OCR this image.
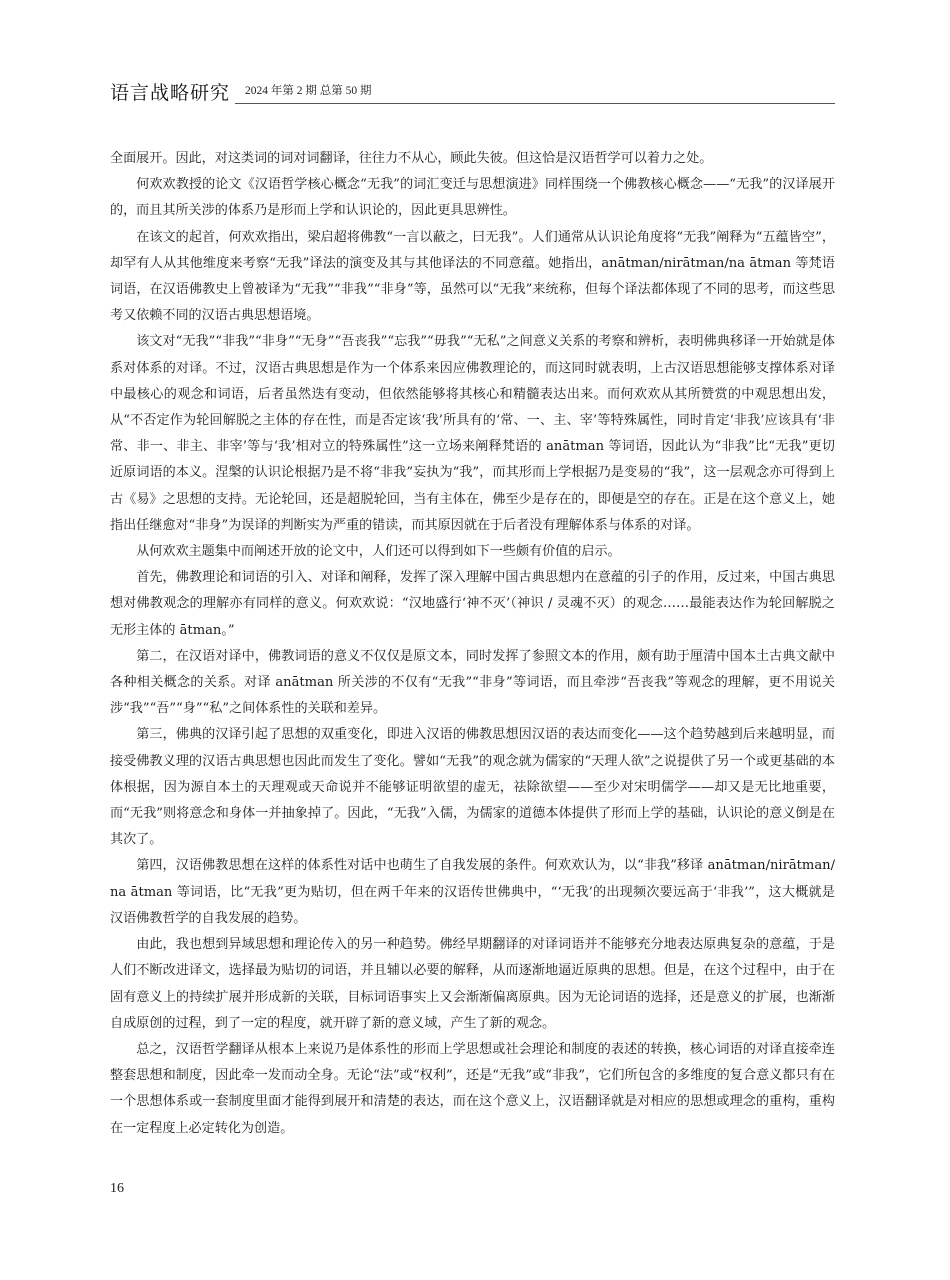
语言战略研究 2024 年第 2 期 总第 50 期

全面展开。因此，对这类词的词对词翻译，往往力不从心，顾此失彼。但这恰是汉语哲学可以着力之处。

何欢欢教授的论文《汉语哲学核心概念“无我”的词汇变迁与思想演进》同样围绕一个佛教核心概念——“无我”的汉译展开的，而且其所关涉的体系乃是形而上学和认识论的，因此更具思辨性。

在该文的起首，何欢欢指出，梁启超将佛教“一言以蔽之，曰无我”。人们通常从认识论角度将“无我”阐释为“五蕴皆空”，却罕有人从其他维度来考察“无我”译法的演变及其与其他译法的不同意蕴。她指出，anātman/nirātman/na ātman 等梵语词语，在汉语佛教史上曾被译为“无我”“非我”“非身”等，虽然可以“无我”来统称，但每个译法都体现了不同的思考，而这些思考又依赖不同的汉语古典思想语境。

该文对“无我”“非我”“非身”“无身”“吾丧我”“忘我”“毋我”“无私”之间意义关系的考察和辨析，表明佛典移译一开始就是体系对体系的对译。不过，汉语古典思想是作为一个体系来因应佛教理论的，而这同时就表明，上古汉语思想能够支撑体系对译中最核心的观念和词语，后者虽然迭有变动，但依然能够将其核心和精髓表达出来。而何欢欢从其所赞赏的中观思想出发，从“不否定作为轮回解脱之主体的存在性，而是否定该‘我’所具有的‘常、一、主、宰’等特殊属性，同时肯定‘非我’应该具有‘非常、非一、非主、非宰’等与‘我’相对立的特殊属性”这一立场来阐释梵语的 anātman 等词语，因此认为“非我”比“无我”更切近原词语的本义。涅槃的认识论根据乃是不将“非我”妄执为“我”，而其形而上学根据乃是变易的“我”，这一层观念亦可得到上古《易》之思想的支持。无论轮回，还是超脱轮回，当有主体在，佛至少是存在的，即便是空的存在。正是在这个意义上，她指出任继愈对“非身”为误译的判断实为严重的错读，而其原因就在于后者没有理解体系与体系的对译。

从何欢欢主题集中而阐述开放的论文中，人们还可以得到如下一些颇有价值的启示。

首先，佛教理论和词语的引入、对译和阐释，发挥了深入理解中国古典思想内在意蕴的引子的作用，反过来，中国古典思想对佛教观念的理解亦有同样的意义。何欢欢说：“汉地盛行‘神不灭’（神识 / 灵魂不灭）的观念……最能表达作为轮回解脱之无形主体的 ātman。”

第二，在汉语对译中，佛教词语的意义不仅仅是原文本，同时发挥了参照文本的作用，颇有助于厘清中国本土古典文献中各种相关概念的关系。对译 anātman 所关涉的不仅有“无我”“非身”等词语，而且牵涉“吾丧我”等观念的理解，更不用说关涉“我”“吾”“身”“私”之间体系性的关联和差异。

第三，佛典的汉译引起了思想的双重变化，即进入汉语的佛教思想因汉语的表达而变化——这个趋势越到后来越明显，而接受佛教义理的汉语古典思想也因此而发生了变化。譬如“无我”的观念就为儒家的“天理人欲”之说提供了另一个或更基础的本体根据，因为源自本土的天理观或天命说并不能够证明欲望的虚无，祛除欲望——至少对宋明儒学——却又是无比地重要，而“无我”则将意念和身体一并抽象掉了。因此，“无我”入儒，为儒家的道德本体提供了形而上学的基础，认识论的意义倒是在其次了。

第四，汉语佛教思想在这样的体系性对话中也萌生了自我发展的条件。何欢欢认为，以“非我”移译 anātman/nirātman/na ātman 等词语，比“无我”更为贴切，但在两千年来的汉语传世佛典中，“‘无我’的出现频次要远高于‘非我’”，这大概就是汉语佛教哲学的自我发展的趋势。

由此，我也想到异域思想和理论传入的另一种趋势。佛经早期翻译的对译词语并不能够充分地表达原典复杂的意蕴，于是人们不断改进译文，选择最为贴切的词语，并且辅以必要的解释，从而逐渐地逼近原典的思想。但是，在这个过程中，由于在固有意义上的持续扩展并形成新的关联，目标词语事实上又会渐渐偏离原典。因为无论词语的选择，还是意义的扩展，也渐渐自成原创的过程，到了一定的程度，就开辟了新的意义域，产生了新的观念。

总之，汉语哲学翻译从根本上来说乃是体系性的形而上学思想或社会理论和制度的表述的转换，核心词语的对译直接牵连整套思想和制度，因此牵一发而动全身。无论“法”或“权利”，还是“无我”或“非我”，它们所包含的多维度的复合意义都只有在一个思想体系或一套制度里面才能得到展开和清楚的表达，而在这个意义上，汉语翻译就是对相应的思想或理念的重构，重构在一定程度上必定转化为创造。

16
